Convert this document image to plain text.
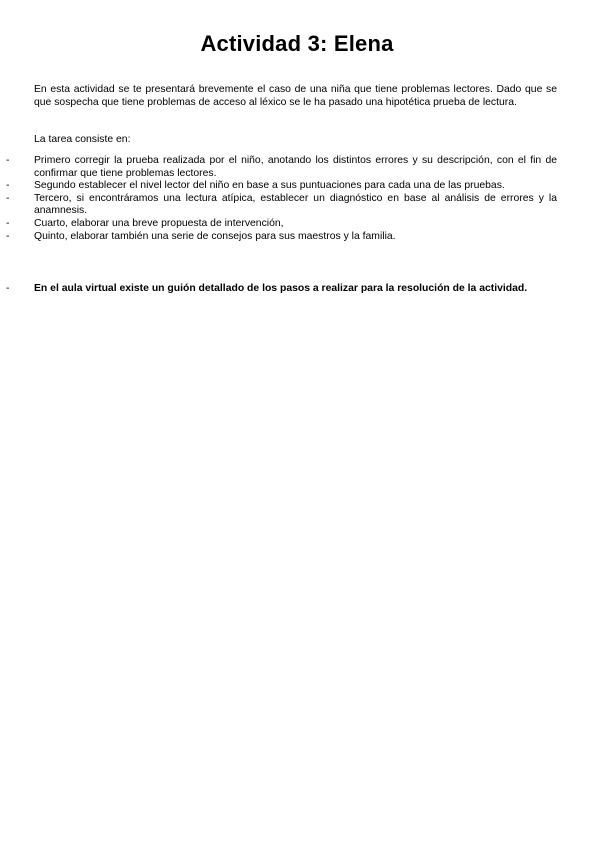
Actividad 3: Elena
En esta actividad se te presentará brevemente el caso de una niña que tiene problemas lectores. Dado que se que sospecha que tiene problemas de acceso al léxico se le ha pasado una hipotética prueba de lectura.
La tarea consiste en:
- Primero corregir la prueba realizada por el niño, anotando los distintos errores y su descripción, con el fin de confirmar que tiene problemas lectores.
- Segundo establecer el nivel lector del niño en base a sus puntuaciones para cada una de las pruebas.
- Tercero, si encontráramos una lectura atípica, establecer un diagnóstico en base al análisis de errores y la anamnesis.
- Cuarto, elaborar una breve propuesta de intervención,
- Quinto, elaborar también una serie de consejos para sus maestros y la familia.
- En el aula virtual existe un guión detallado de los pasos a realizar para la resolución de la actividad.
